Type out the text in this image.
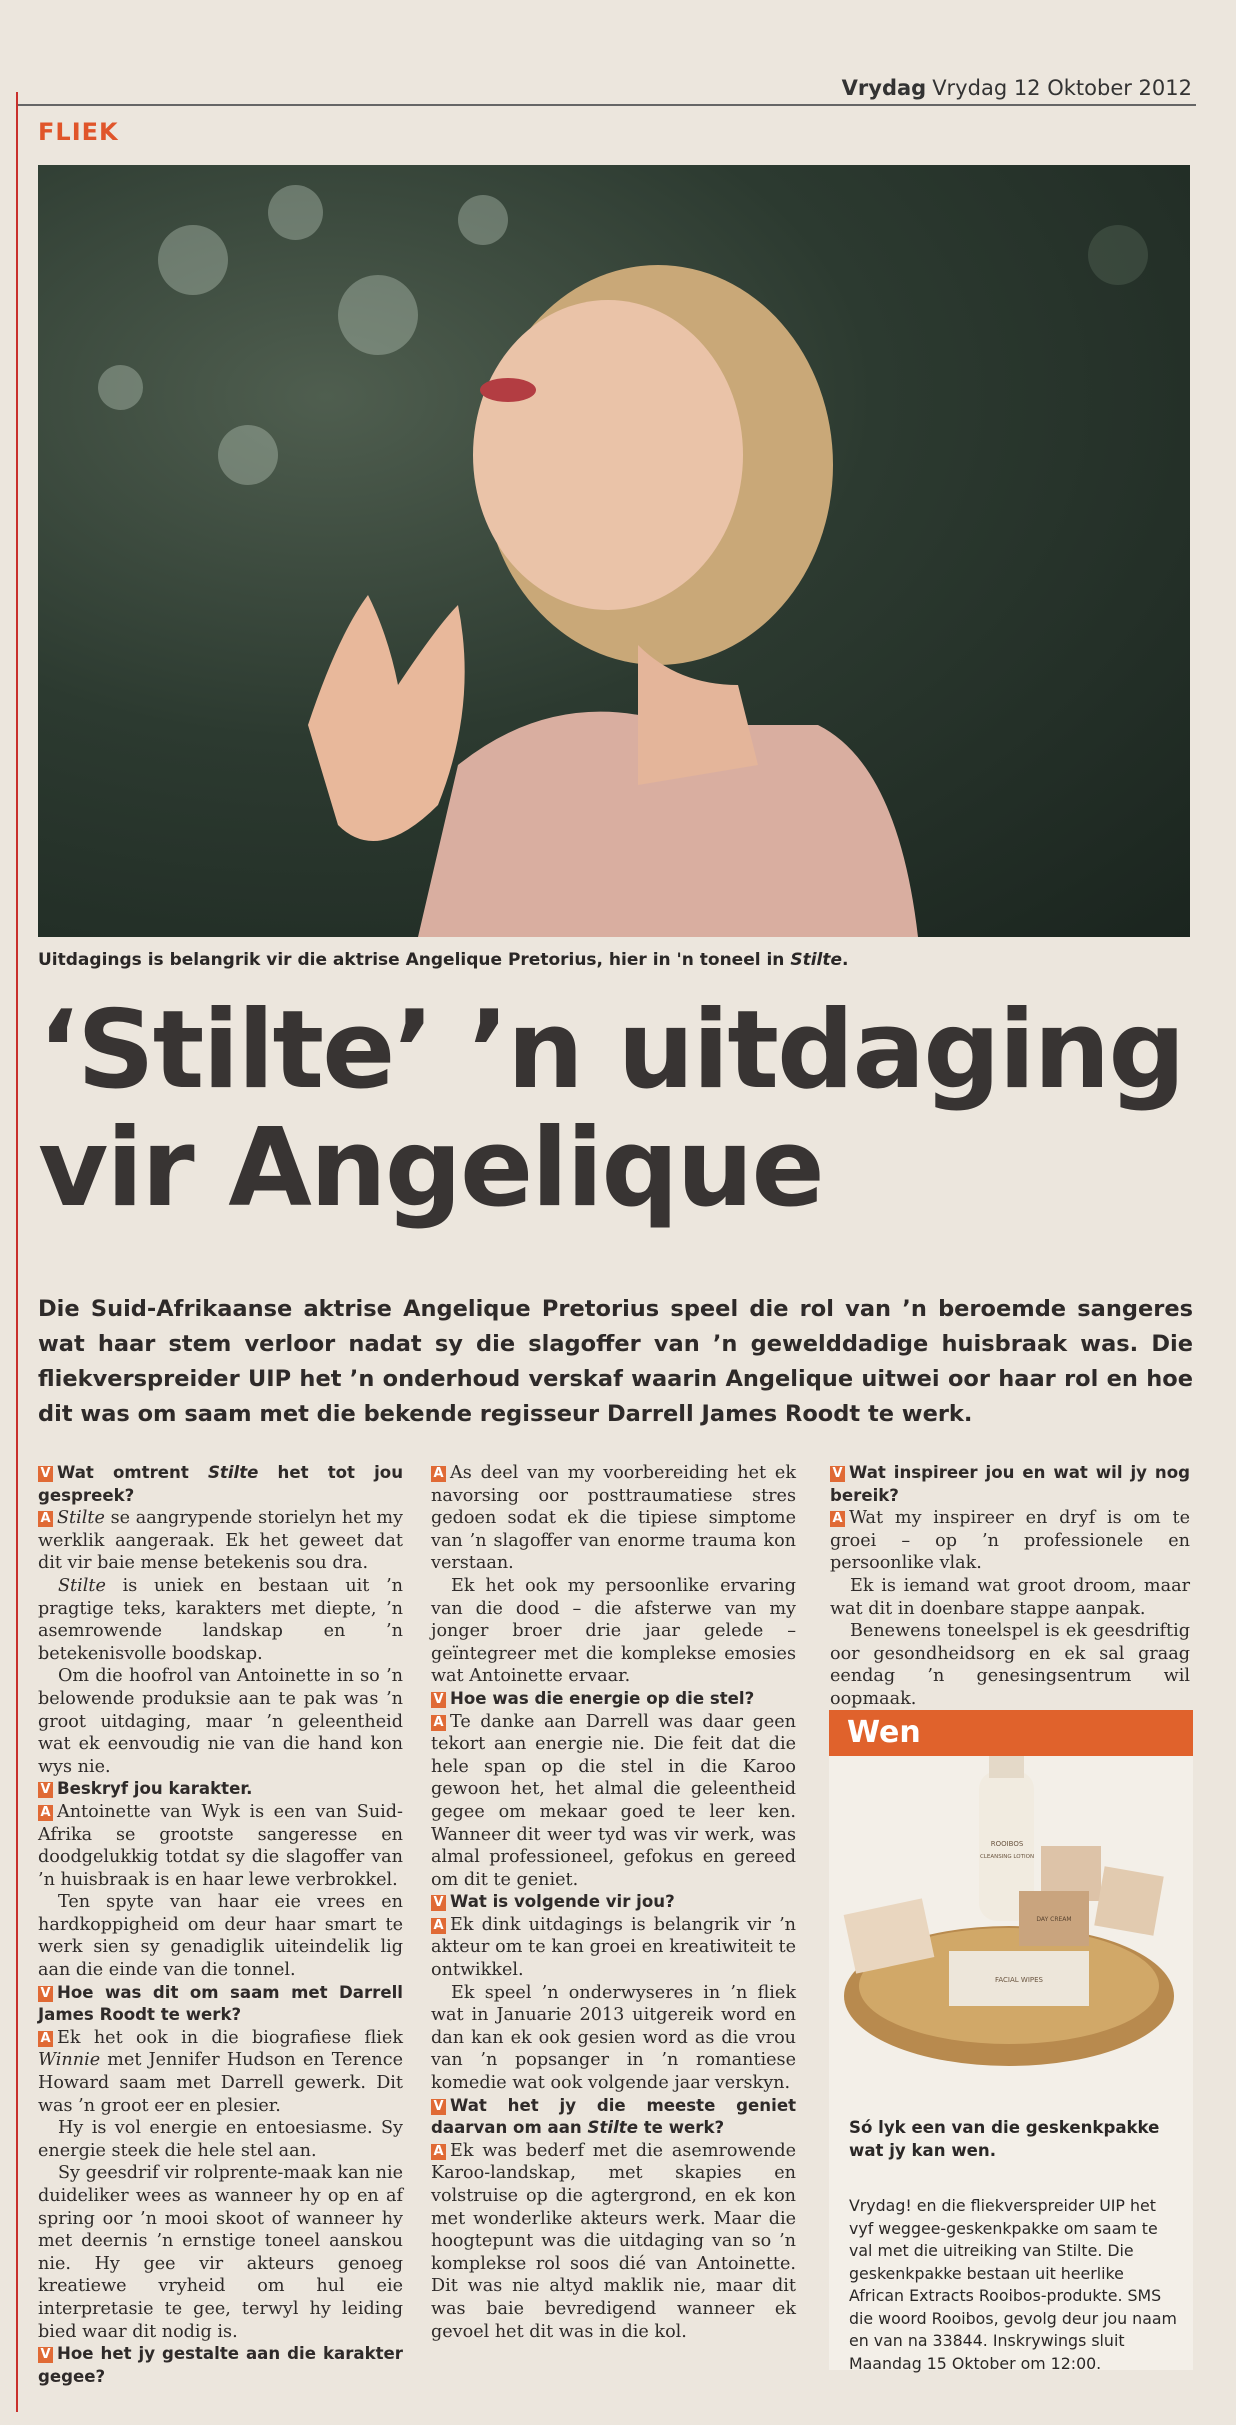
Vrydag Vrydag 12 Oktober 2012
FLIEK
Uitdagings is belangrik vir die aktrise Angelique Pretorius, hier in 'n toneel in Stilte.
‘Stilte’ ’n uitdaging
vir Angelique

Die Suid-Afrikaanse aktrise Angelique Pretorius speel die rol van ’n beroemde sangeres wat haar stem verloor nadat sy die slagoffer van ’n gewelddadige huisbraak was. Die fliekverspreider UIP het ’n onderhoud verskaf waarin Angelique uitwei oor haar rol en hoe dit was om saam met die bekende regisseur Darrell James Roodt te werk.

V Wat omtrent Stilte het tot jou gespreek?

A Stilte se aangrypende storielyn het my werklik aangeraak. Ek het geweet dat dit vir baie mense betekenis sou dra.

Stilte is uniek en bestaan uit ’n pragtige teks, karakters met diepte, ’n asemrowende landskap en ’n betekenisvolle boodskap.

Om die hoofrol van Antoinette in so ’n belowende produksie aan te pak was ’n groot uitdaging, maar ’n geleentheid wat ek eenvoudig nie van die hand kon wys nie.

V Beskryf jou karakter.

A Antoinette van Wyk is een van Suid-Afrika se grootste sangeresse en doodgelukkig totdat sy die slagoffer van ’n huisbraak is en haar lewe verbrokkel.

Ten spyte van haar eie vrees en hardkoppigheid om deur haar smart te werk sien sy genadiglik uiteindelik lig aan die einde van die tonnel.

V Hoe was dit om saam met Darrell James Roodt te werk?

A Ek het ook in die biografiese fliek Winnie met Jennifer Hudson en Terence Howard saam met Darrell gewerk. Dit was ’n groot eer en plesier.

Hy is vol energie en entoesiasme. Sy energie steek die hele stel aan.

Sy geesdrif vir rolprente-maak kan nie duideliker wees as wanneer hy op en af spring oor ’n mooi skoot of wanneer hy met deernis ’n ernstige toneel aanskou nie. Hy gee vir akteurs genoeg kreatiewe vryheid om hul eie interpretasie te gee, terwyl hy leiding bied waar dit nodig is.

V Hoe het jy gestalte aan die karakter gegee?

A As deel van my voorbereiding het ek navorsing oor posttraumatiese stres gedoen sodat ek die tipiese simptome van ’n slagoffer van enorme trauma kon verstaan.

Ek het ook my persoonlike ervaring van die dood – die afsterwe van my jonger broer drie jaar gelede – geïntegreer met die komplekse emosies wat Antoinette ervaar.

V Hoe was die energie op die stel?

A Te danke aan Darrell was daar geen tekort aan energie nie. Die feit dat die hele span op die stel in die Karoo gewoon het, het almal die geleentheid gegee om mekaar goed te leer ken. Wanneer dit weer tyd was vir werk, was almal professioneel, gefokus en gereed om dit te geniet.

V Wat is volgende vir jou?

A Ek dink uitdagings is belangrik vir ’n akteur om te kan groei en kreatiwiteit te ontwikkel.

Ek speel ’n onderwyseres in ’n fliek wat in Januarie 2013 uitgereik word en dan kan ek ook gesien word as die vrou van ’n popsanger in ’n romantiese komedie wat ook volgende jaar verskyn.

V Wat het jy die meeste geniet daarvan om aan Stilte te werk?

A Ek was bederf met die asemrowende Karoo-landskap, met skapies en volstruise op die agtergrond, en ek kon met wonderlike akteurs werk. Maar die hoogtepunt was die uitdaging van so ’n komplekse rol soos dié van Antoinette. Dit was nie altyd maklik nie, maar dit was baie bevredigend wanneer ek gevoel het dit was in die kol.

V Wat inspireer jou en wat wil jy nog bereik?

A Wat my inspireer en dryf is om te groei – op ’n professionele en persoonlike vlak.

Ek is iemand wat groot droom, maar wat dit in doenbare stappe aanpak.

Benewens toneelspel is ek geesdriftig oor gesondheidsorg en ek sal graag eendag ’n genesingsentrum wil oopmaak.

Wen
ROOIBOS
CLEANSING LOTION
DAY CREAM
FACIAL WIPES
Só lyk een van die geskenkpakke wat jy kan wen.
Vrydag! en die fliekverspreider UIP het vyf weggee-geskenkpakke om saam te val met die uitreiking van Stilte. Die geskenkpakke bestaan uit heerlike African Extracts Rooibos-produkte. SMS die woord Rooibos, gevolg deur jou naam en van na 33844. Inskrywings sluit Maandag 15 Oktober om 12:00.
